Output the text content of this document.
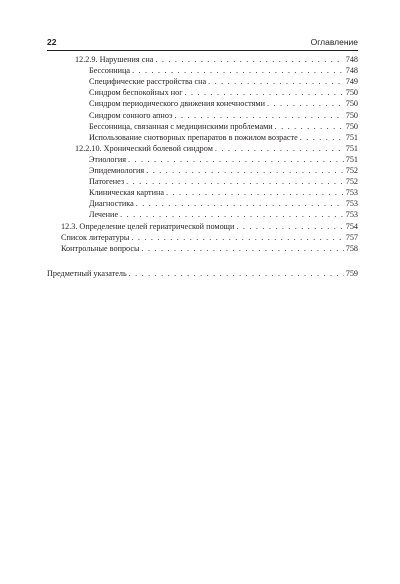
22	Оглавление
12.2.9. Нарушения сна . . .	748
Бессонница . . .	748
Специфические расстройства сна . . .	749
Синдром беспокойных ног . . .	750
Синдром периодического движения конечностями . . .	750
Синдром сонного апноэ . . .	750
Бессонница, связанная с медицинскими проблемами . . .	750
Использование снотворных препаратов в пожилом возрасте . . .	751
12.2.10. Хронический болевой синдром . . .	751
Этиология . . .	751
Эпидемиология . . .	752
Патогенез . . .	752
Клиническая картина . . .	753
Диагностика . . .	753
Лечение . . .	753
12.3. Определение целей гериатрической помощи . . .	754
Список литературы . . .	757
Контрольные вопросы . . .	758
Предметный указатель . . .	759
